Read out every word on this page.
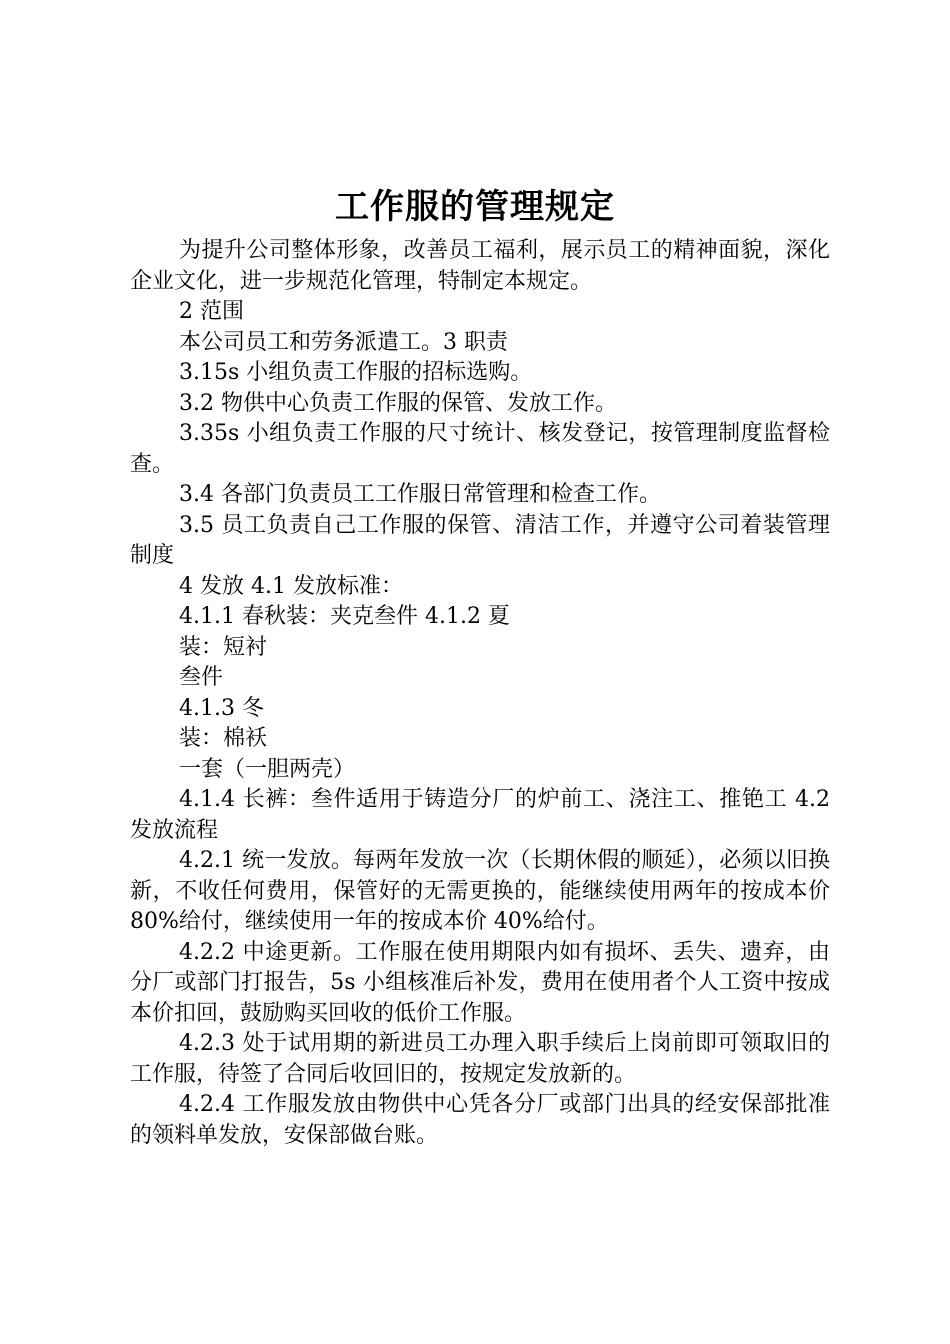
工作服的管理规定

为提升公司整体形象，改善员工福利，展示员工的精神面貌，深化企业文化，进一步规范化管理，特制定本规定。

2 范围

本公司员工和劳务派遣工。3 职责

3.15s 小组负责工作服的招标选购。

3.2 物供中心负责工作服的保管、发放工作。

3.35s 小组负责工作服的尺寸统计、核发登记，按管理制度监督检查。

3.4 各部门负责员工工作服日常管理和检查工作。

3.5 员工负责自己工作服的保管、清洁工作，并遵守公司着装管理制度

4 发放 4.1 发放标准：

4.1.1 春秋装：夹克叁件 4.1.2 夏

装：短衬

叁件

4.1.3 冬

装：棉袄

一套（一胆两壳）

4.1.4 长裤：叁件适用于铸造分厂的炉前工、浇注工、推铯工 4.2 发放流程

4.2.1 统一发放。每两年发放一次（长期休假的顺延），必须以旧换新，不收任何费用，保管好的无需更换的，能继续使用两年的按成本价 80%给付，继续使用一年的按成本价 40%给付。

4.2.2 中途更新。工作服在使用期限内如有损坏、丢失、遗弃，由分厂或部门打报告，5s 小组核准后补发，费用在使用者个人工资中按成本价扣回，鼓励购买回收的低价工作服。

4.2.3 处于试用期的新进员工办理入职手续后上岗前即可领取旧的工作服，待签了合同后收回旧的，按规定发放新的。

4.2.4 工作服发放由物供中心凭各分厂或部门出具的经安保部批准的领料单发放，安保部做台账。
